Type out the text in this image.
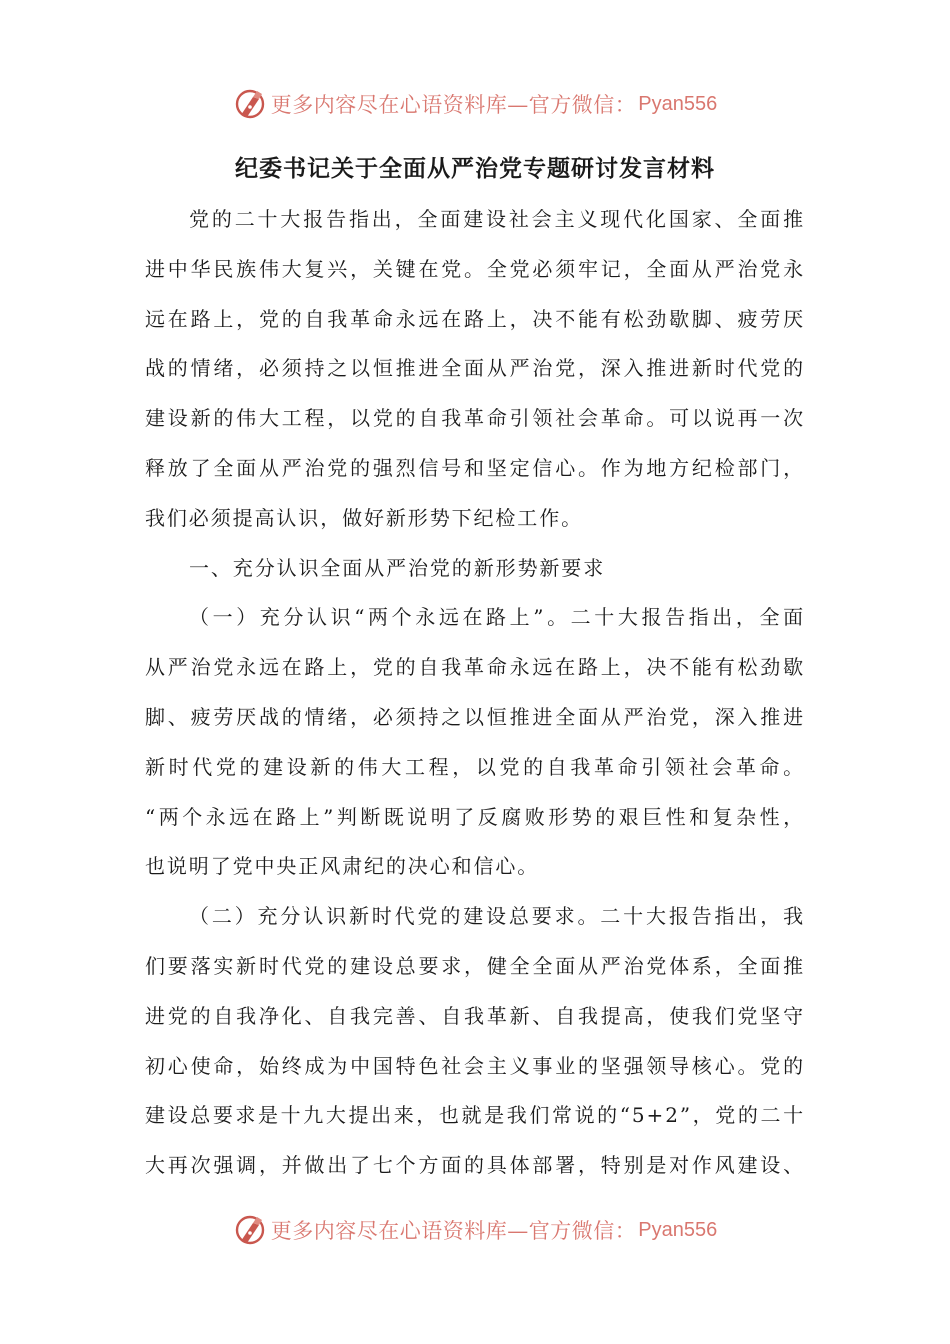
更多内容尽在心语资料库—官方微信： Pyan556
纪委书记关于全面从严治党专题研讨发言材料
党的二十大报告指出，全面建设社会主义现代化国家、全面推
进中华民族伟大复兴，关键在党。全党必须牢记，全面从严治党永
远在路上，党的自我革命永远在路上，决不能有松劲歇脚、疲劳厌
战的情绪，必须持之以恒推进全面从严治党，深入推进新时代党的
建设新的伟大工程，以党的自我革命引领社会革命。可以说再一次
释放了全面从严治党的强烈信号和坚定信心。作为地方纪检部门，
我们必须提高认识，做好新形势下纪检工作。
一、充分认识全面从严治党的新形势新要求
（一）充分认识“两个永远在路上”。二十大报告指出，全面
从严治党永远在路上，党的自我革命永远在路上，决不能有松劲歇
脚、疲劳厌战的情绪，必须持之以恒推进全面从严治党，深入推进
新时代党的建设新的伟大工程，以党的自我革命引领社会革命。
“两个永远在路上”判断既说明了反腐败形势的艰巨性和复杂性，
也说明了党中央正风肃纪的决心和信心。
（二）充分认识新时代党的建设总要求。二十大报告指出，我
们要落实新时代党的建设总要求，健全全面从严治党体系，全面推
进党的自我净化、自我完善、自我革新、自我提高，使我们党坚守
初心使命，始终成为中国特色社会主义事业的坚强领导核心。党的
建设总要求是十九大提出来，也就是我们常说的“5+2”，党的二十
大再次强调，并做出了七个方面的具体部署，特别是对作风建设、
更多内容尽在心语资料库—官方微信： Pyan556
